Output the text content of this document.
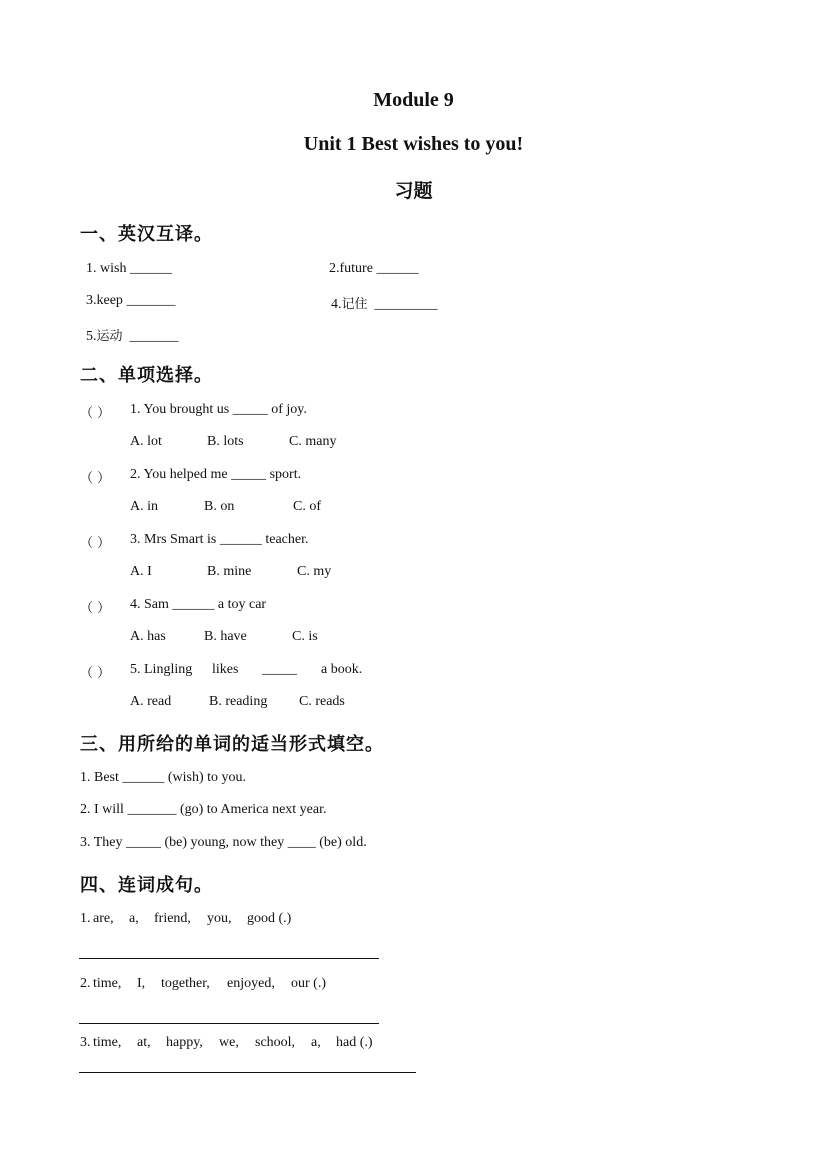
Module 9
Unit 1 Best wishes to you!
习题
一、英汉互译。
1. wish ______	2.future ______
3.keep _______	4.记住 _________
5.运动 _______
二、单项选择。
（ ） 1. You brought us _____ of joy.
A. lot	B. lots	C. many
（ ） 2. You helped me _____ sport.
A. in	B. on	C. of
（ ） 3. Mrs Smart is ______ teacher.
A. I	B. mine	C. my
（ ） 4. Sam ______ a toy car
A. has	B. have	C. is
（ ） 5. Lingling likes _____ a book.
A. read	B. reading C. reads
三、用所给的单词的适当形式填空。
1. Best ______ (wish) to you.
2. I will _______ (go) to America next year.
3. They _____ (be) young, now they ____ (be) old.
四、连词成句。
1. are, a, friend, you, good (.)
2. time, I, together, enjoyed, our (.)
3. time, at, happy, we, school, a, had (.)
